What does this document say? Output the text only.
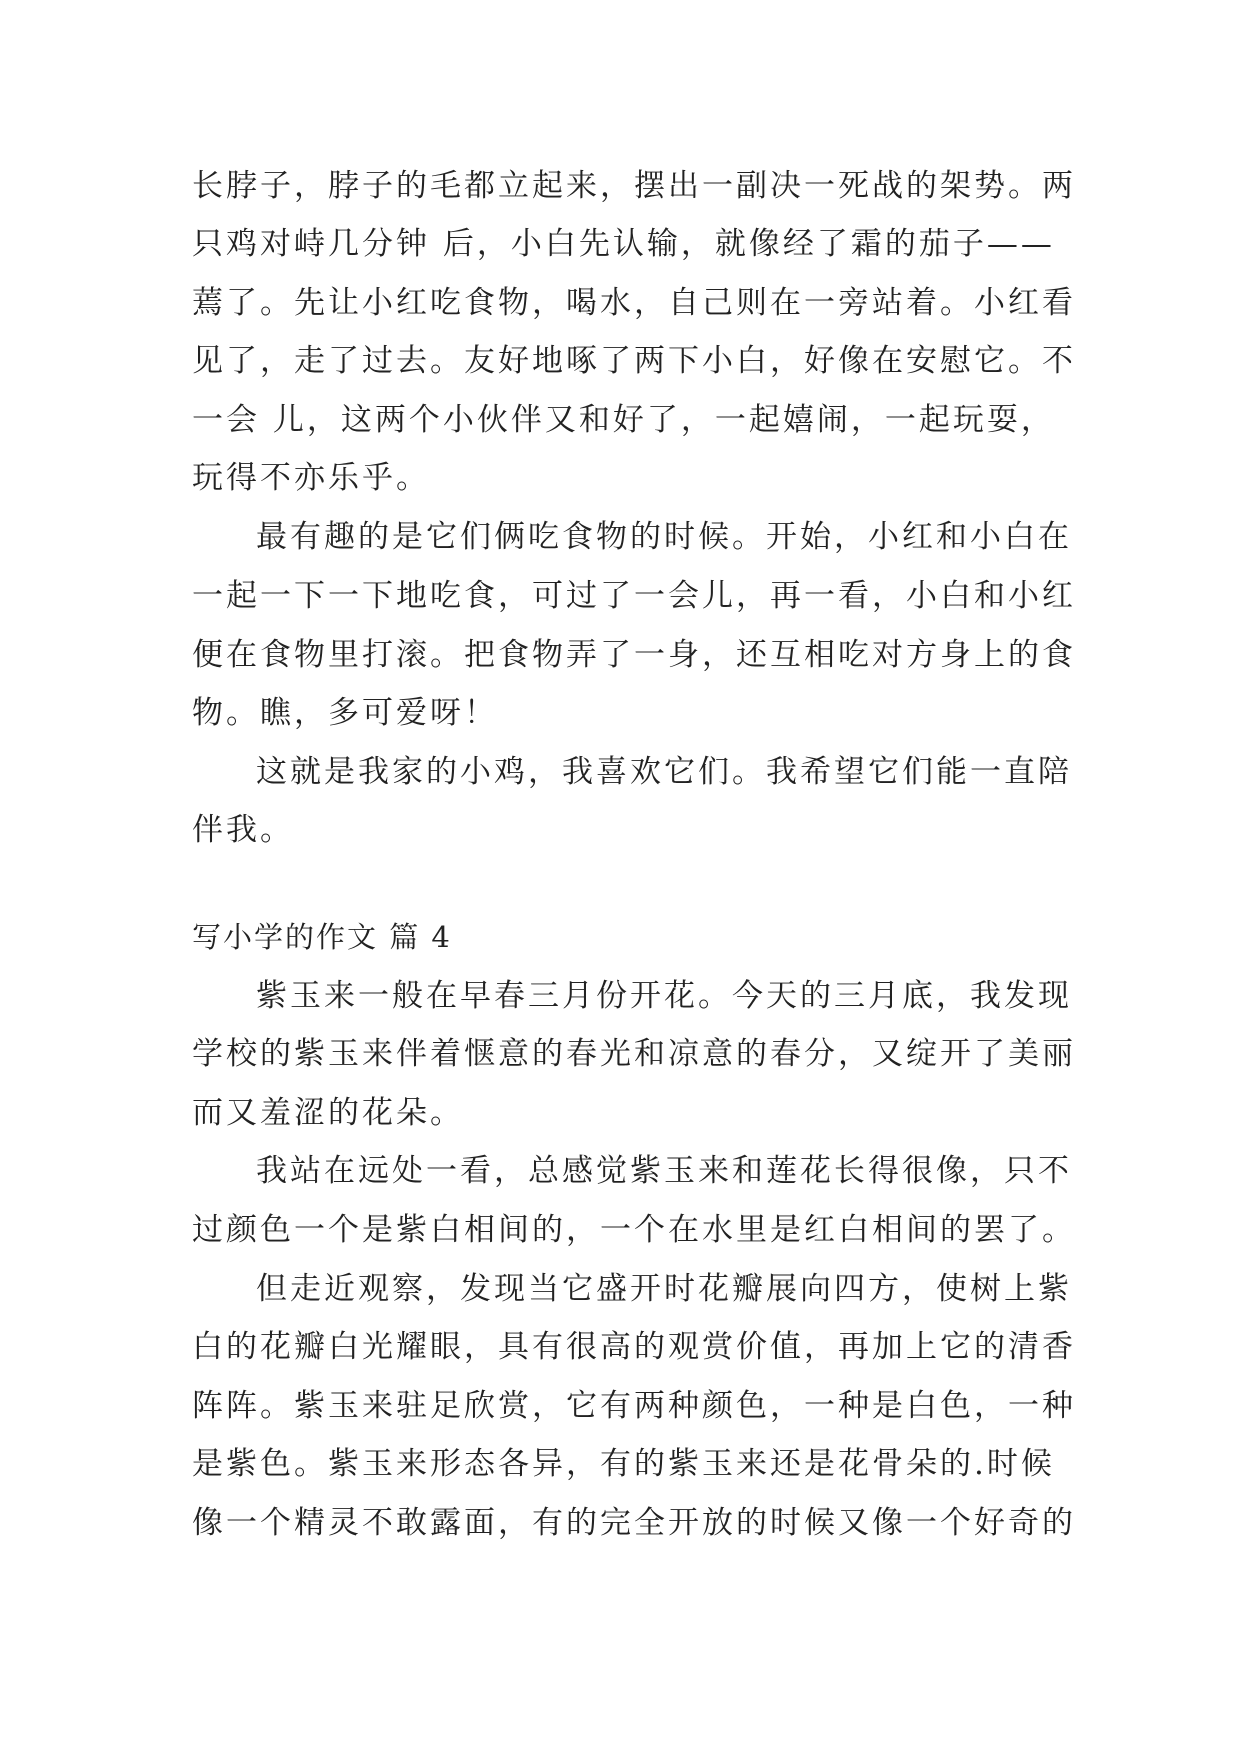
长脖子，脖子的毛都立起来，摆出一副决一死战的架势。两
只鸡对峙几分钟 后，小白先认输，就像经了霜的茄子——
蔫了。先让小红吃食物，喝水，自己则在一旁站着。小红看
见了，走了过去。友好地啄了两下小白，好像在安慰它。不
一会 儿，这两个小伙伴又和好了，一起嬉闹，一起玩耍，
玩得不亦乐乎。
最有趣的是它们俩吃食物的时候。开始，小红和小白在
一起一下一下地吃食，可过了一会儿，再一看，小白和小红
便在食物里打滚。把食物弄了一身，还互相吃对方身上的食
物。瞧，多可爱呀！
这就是我家的小鸡，我喜欢它们。我希望它们能一直陪
伴我。
写小学的作文 篇 4
紫玉来一般在早春三月份开花。今天的三月底，我发现
学校的紫玉来伴着惬意的春光和凉意的春分，又绽开了美丽
而又羞涩的花朵。
我站在远处一看，总感觉紫玉来和莲花长得很像，只不
过颜色一个是紫白相间的，一个在水里是红白相间的罢了。
但走近观察，发现当它盛开时花瓣展向四方，使树上紫
白的花瓣白光耀眼，具有很高的观赏价值，再加上它的清香
阵阵。紫玉来驻足欣赏，它有两种颜色，一种是白色，一种
是紫色。紫玉来形态各异，有的紫玉来还是花骨朵的.时候
像一个精灵不敢露面，有的完全开放的时候又像一个好奇的
